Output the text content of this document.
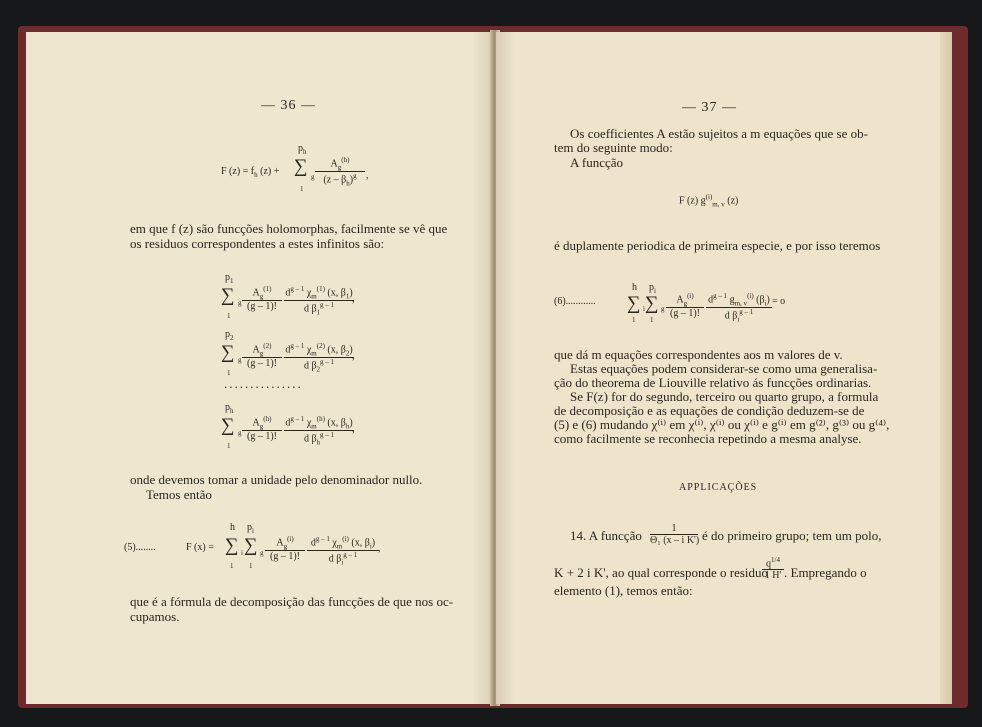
— 36 —
F $(z) = f_h$ (z) +
$p_h$
∑ g
1
$\frac{A_g^{(h)}}{(z - \beta_h)^g}$ ,
em que f (z) são funcções holomorphas, facilmente se vê que
os residuos correspondentes a estes infinitos são:
$p_1$
∑ g
1
$\frac{A_g^{(1)}}{(g - 1)!} \frac{d^{g - 1} \chi_m^{(1)} (x, \beta_1)}{d \beta_1^{g - 1}}$
,
$p_2$
∑ g
1
$\frac{A_g^{(2)}}{(g - 1)!} \frac{d^{g - 1} \chi_m^{(2)} (x, \beta_2)}{d \beta_2^{g - 1}}$
,
...............
$p_h$
∑ g
1
$\frac{A_g^{(h)}}{(g - 1)!} d^{g - 1}$ $\chi_m^{(h)}$ (x, $\beta_h$)
d $\beta_h^{g - 1}$
,
onde devemos tomar a unidade pelo denominador nullo.
Temos então
(5)........	F (x) =
h
∑ i
1
$p_i$
∑ g
1
$\frac{A_g^{(i)}}{(g - 1)!} d^{g - 1}$ $\chi_m^{(i)}$ (x, $\beta_i$)
d $\beta_i^{g - 1}$
,
que é a fórmula de decomposição das funcções de que nos oc-
cupamos.
— 37 —
Os coefficientes A estão sujeitos a m equações que se ob-
tem do seguinte modo:
A funcção
F (z) $g^{(i)}_{m, v}$ (z)
é duplamente periodica de primeira especie, e por isso teremos
(6)............
h
∑ i
1
$p_i$
∑ g
1
$\frac{A_g^{(i)}}{(g - 1)!} d^{g - 1}$ $g_{m, v}^{(i)}$ $(\beta_i)$
d $\beta_i^{g - 1}$
= o
que dá m equações correspondentes aos m valores de v.
Estas equações podem considerar-se como uma generalisa-
ção do theorema de Liouville relativo ás funcções ordinarias.
Se F(z) for do segundo, terceiro ou quarto grupo, a formula
de decomposição e as equações de condição deduzem-se de
(5) e (6) mudando χ⁽ⁱ⁾ em χ⁽ⁱ⁾, χ⁽ⁱ⁾ ou χ⁽ⁱ⁾ e g⁽ⁱ⁾ em g⁽²⁾, g⁽³⁾ ou g⁽⁴⁾,
como facilmente se reconhecia repetindo a mesma analyse.
APPLICAÇÕES
14. A funcção $\frac{1}{\text{Θ₁ (x – i K')}}$ é do primeiro grupo; tem um polo,
K + 2 i K', ao qual corresponde o residuo
$\frac{q^{1/4}}{1 H'}$ . Empregando o
elemento (1), temos então:
